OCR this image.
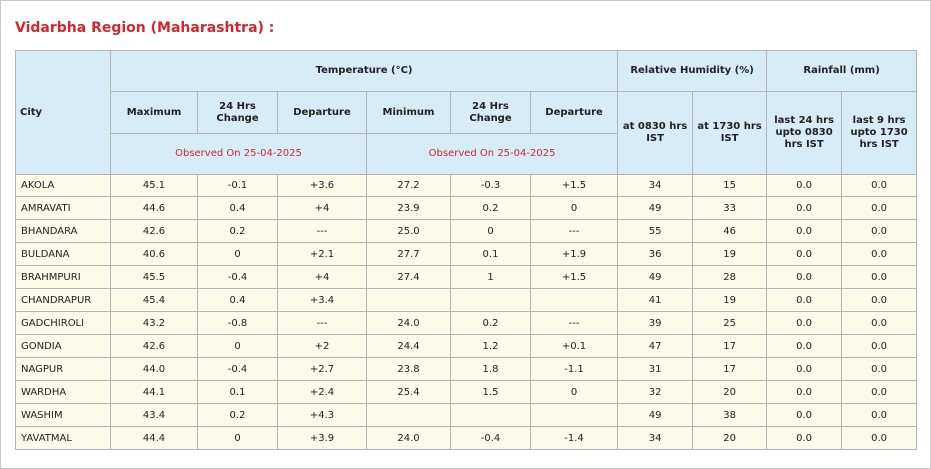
Vidarbha Region (Maharashtra) :
City	Temperature (°C)						Relative Humidity (%)		Rainfall (mm)	
	Maximum	24 Hrs Change	Departure	Minimum	24 Hrs Change	Departure	at 0830 hrs IST	at 1730 hrs IST	last 24 hrs upto 0830 hrs IST	last 9 hrs upto 1730 hrs IST
	Observed On 25-04-2025			Observed On 25-04-2025						
AKOLA	45.1	-0.1	+3.6	27.2	-0.3	+1.5	34	15	0.0	0.0
AMRAVATI	44.6	0.4	+4	23.9	0.2	0	49	33	0.0	0.0
BHANDARA	42.6	0.2	---	25.0	0	---	55	46	0.0	0.0
BULDANA	40.6	0	+2.1	27.7	0.1	+1.9	36	19	0.0	0.0
BRAHMPURI	45.5	-0.4	+4	27.4	1	+1.5	49	28	0.0	0.0
CHANDRAPUR	45.4	0.4	+3.4				41	19	0.0	0.0
GADCHIROLI	43.2	-0.8	---	24.0	0.2	---	39	25	0.0	0.0
GONDIA	42.6	0	+2	24.4	1.2	+0.1	47	17	0.0	0.0
NAGPUR	44.0	-0.4	+2.7	23.8	1.8	-1.1	31	17	0.0	0.0
WARDHA	44.1	0.1	+2.4	25.4	1.5	0	32	20	0.0	0.0
WASHIM	43.4	0.2	+4.3				49	38	0.0	0.0
YAVATMAL	44.4	0	+3.9	24.0	-0.4	-1.4	34	20	0.0	0.0
